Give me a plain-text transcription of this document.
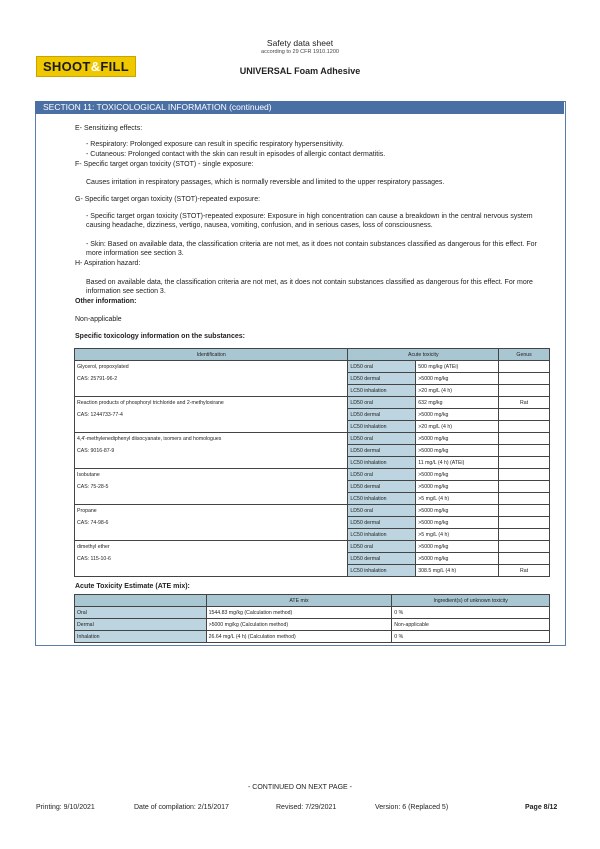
SHOOT&FILL
Safety data sheet
according to 29 CFR 1910.1200
UNIVERSAL Foam Adhesive
SECTION 11: TOXICOLOGICAL INFORMATION (continued)
E- Sensitizing effects:
- Respiratory: Prolonged exposure can result in specific respiratory hypersensitivity.
- Cutaneous: Prolonged contact with the skin can result in episodes of allergic contact dermatitis.
F- Specific target organ toxicity (STOT) - single exposure:
Causes irritation in respiratory passages, which is normally reversible and limited to the upper respiratory passages.
G- Specific target organ toxicity (STOT)-repeated exposure:
- Specific target organ toxicity (STOT)-repeated exposure: Exposure in high concentration can cause a breakdown in the central nervous system causing headache, dizziness, vertigo, nausea, vomiting, confusion, and in serious cases, loss of consciousness.
- Skin: Based on available data, the classification criteria are not met, as it does not contain substances classified as dangerous for this effect. For more information see section 3.
H- Aspiration hazard:
Based on available data, the classification criteria are not met, as it does not contain substances classified as dangerous for this effect. For more information see section 3.
Other information:
Non-applicable
Specific toxicology information on the substances:
Identification	Acute toxicity		Genus
Glycerol, propoxylated	LD50 oral	500 mg/kg (ATEi)	
CAS: 25791-96-2	LD50 dermal	>5000 mg/kg	
	LC50 inhalation	>20 mg/L (4 h)	
Reaction products of phosphoryl trichloride and 2-methyloxirane	LD50 oral	632 mg/kg	Rat
CAS: 1244733-77-4	LD50 dermal	>5000 mg/kg	
	LC50 inhalation	>20 mg/L (4 h)	
4,4'-methylenediphenyl diisocyanate, isomers and homologues	LD50 oral	>5000 mg/kg	
CAS: 9016-87-9	LD50 dermal	>5000 mg/kg	
	LC50 inhalation	11 mg/L (4 h) (ATEi)	
Isobutane	LD50 oral	>5000 mg/kg	
CAS: 75-28-5	LD50 dermal	>5000 mg/kg	
	LC50 inhalation	>5 mg/L (4 h)	
Propane	LD50 oral	>5000 mg/kg	
CAS: 74-98-6	LD50 dermal	>5000 mg/kg	
	LC50 inhalation	>5 mg/L (4 h)	
dimethyl ether	LD50 oral	>5000 mg/kg	
CAS: 115-10-6	LD50 dermal	>5000 mg/kg	
	LC50 inhalation	308.5 mg/L (4 h)	Rat
Acute Toxicity Estimate (ATE mix):
	ATE mix	Ingredient(s) of unknown toxicity
Oral	1544.83 mg/kg (Calculation method)	0 %
Dermal	>5000 mg/kg (Calculation method)	Non-applicable
Inhalation	26.64 mg/L (4 h) (Calculation method)	0 %
- CONTINUED ON NEXT PAGE -
Printing: 9/10/2021	Date of compilation: 2/15/2017	Revised: 7/29/2021	Version: 6 (Replaced 5)	Page 8/12
